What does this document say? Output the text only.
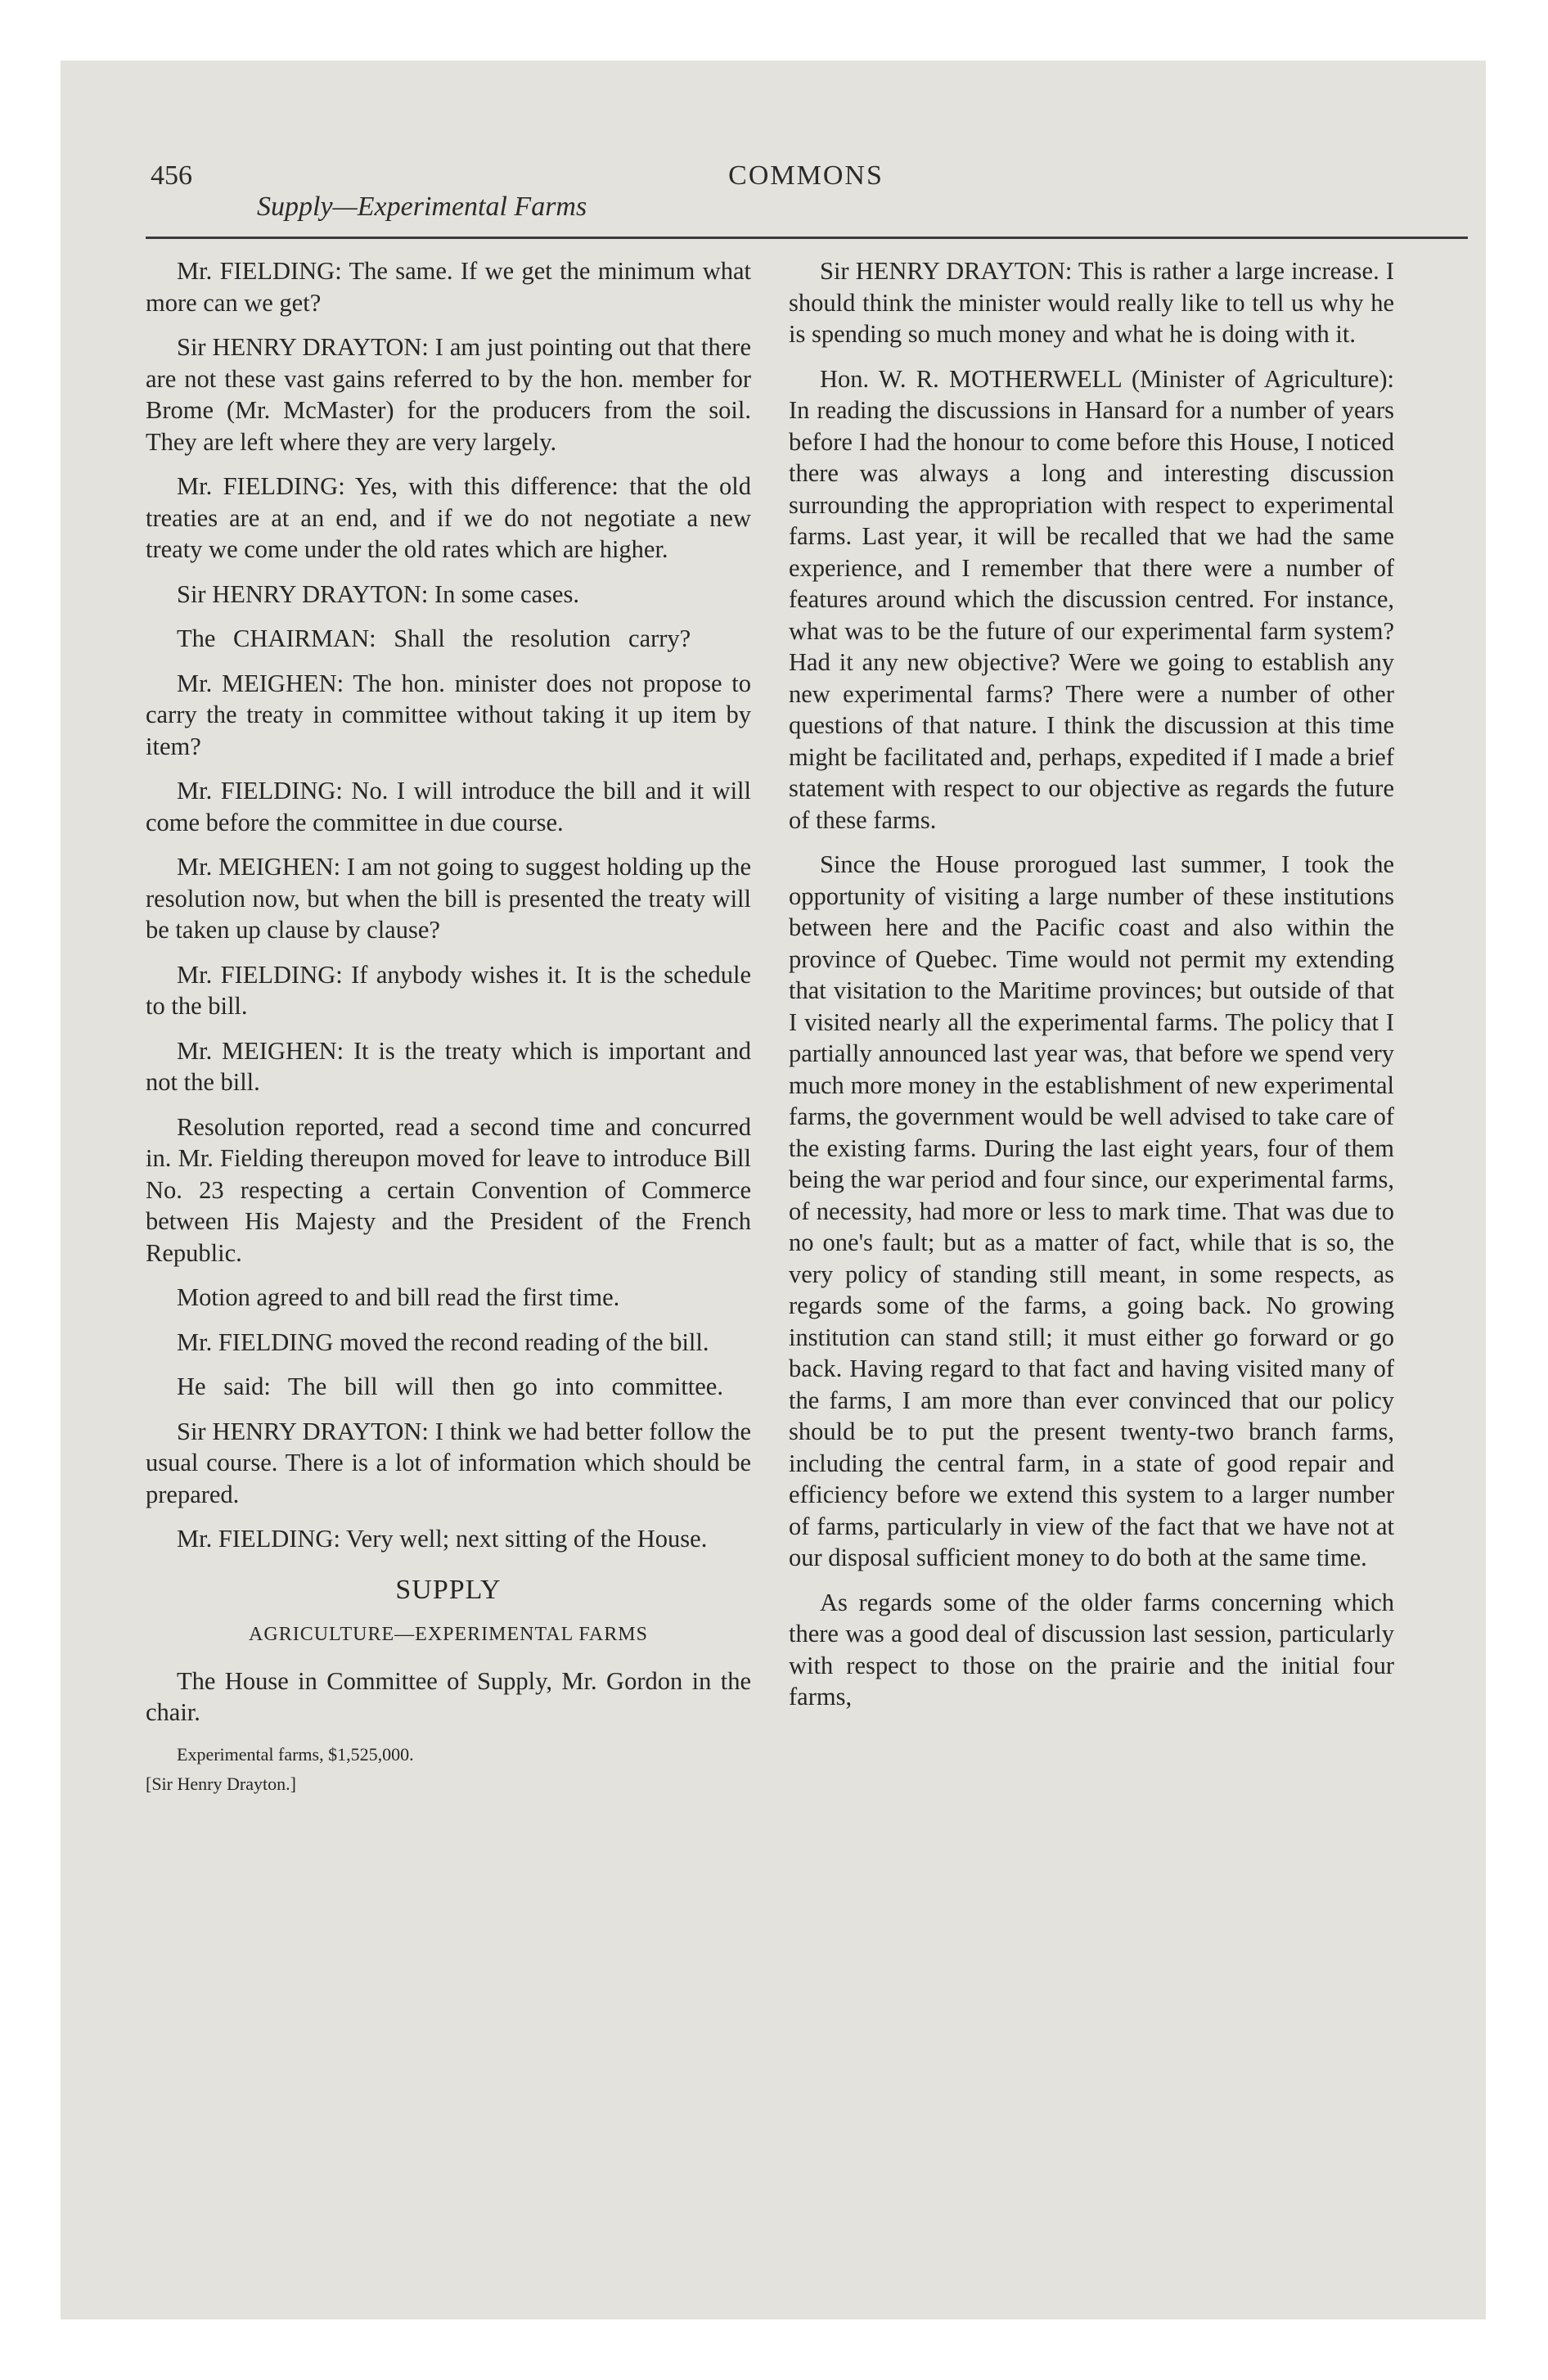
456	COMMONS
Supply—Experimental Farms

Mr. FIELDING: The same. If we get the minimum what more can we get?

Sir HENRY DRAYTON: I am just pointing out that there are not these vast gains referred to by the hon. member for Brome (Mr. McMaster) for the producers from the soil. They are left where they are very largely.

Mr. FIELDING: Yes, with this difference: that the old treaties are at an end, and if we do not negotiate a new treaty we come under the old rates which are higher.

Sir HENRY DRAYTON: In some cases.

The CHAIRMAN: Shall the resolution carry?

Mr. MEIGHEN: The hon. minister does not propose to carry the treaty in committee without taking it up item by item?

Mr. FIELDING: No. I will introduce the bill and it will come before the committee in due course.

Mr. MEIGHEN: I am not going to suggest holding up the resolution now, but when the bill is presented the treaty will be taken up clause by clause?

Mr. FIELDING: If anybody wishes it. It is the schedule to the bill.

Mr. MEIGHEN: It is the treaty which is important and not the bill.

Resolution reported, read a second time and concurred in. Mr. Fielding thereupon moved for leave to introduce Bill No. 23 respecting a certain Convention of Commerce between His Majesty and the President of the French Republic.

Motion agreed to and bill read the first time.

Mr. FIELDING moved the recond reading of the bill.

He said: The bill will then go into committee.

Sir HENRY DRAYTON: I think we had better follow the usual course. There is a lot of information which should be prepared.

Mr. FIELDING: Very well; next sitting of the House.

SUPPLY
AGRICULTURE—EXPERIMENTAL FARMS

The House in Committee of Supply, Mr. Gordon in the chair.

Experimental farms, $1,525,000.
[Sir Henry Drayton.]

Sir HENRY DRAYTON: This is rather a large increase. I should think the minister would really like to tell us why he is spending so much money and what he is doing with it.

Hon. W. R. MOTHERWELL (Minister of Agriculture): In reading the discussions in Hansard for a number of years before I had the honour to come before this House, I noticed there was always a long and interesting discussion surrounding the appropriation with respect to experimental farms. Last year, it will be recalled that we had the same experience, and I remember that there were a number of features around which the discussion centred. For instance, what was to be the future of our experimental farm system? Had it any new objective? Were we going to establish any new experimental farms? There were a number of other questions of that nature. I think the discussion at this time might be facilitated and, perhaps, expedited if I made a brief statement with respect to our objective as regards the future of these farms.

Since the House prorogued last summer, I took the opportunity of visiting a large number of these institutions between here and the Pacific coast and also within the province of Quebec. Time would not permit my extending that visitation to the Maritime provinces; but outside of that I visited nearly all the experimental farms. The policy that I partially announced last year was, that before we spend very much more money in the establishment of new experimental farms, the government would be well advised to take care of the existing farms. During the last eight years, four of them being the war period and four since, our experimental farms, of necessity, had more or less to mark time. That was due to no one's fault; but as a matter of fact, while that is so, the very policy of standing still meant, in some respects, as regards some of the farms, a going back. No growing institution can stand still; it must either go forward or go back. Having regard to that fact and having visited many of the farms, I am more than ever convinced that our policy should be to put the present twenty-two branch farms, including the central farm, in a state of good repair and efficiency before we extend this system to a larger number of farms, particularly in view of the fact that we have not at our disposal sufficient money to do both at the same time.

As regards some of the older farms concerning which there was a good deal of discussion last session, particularly with respect to those on the prairie and the initial four farms,
